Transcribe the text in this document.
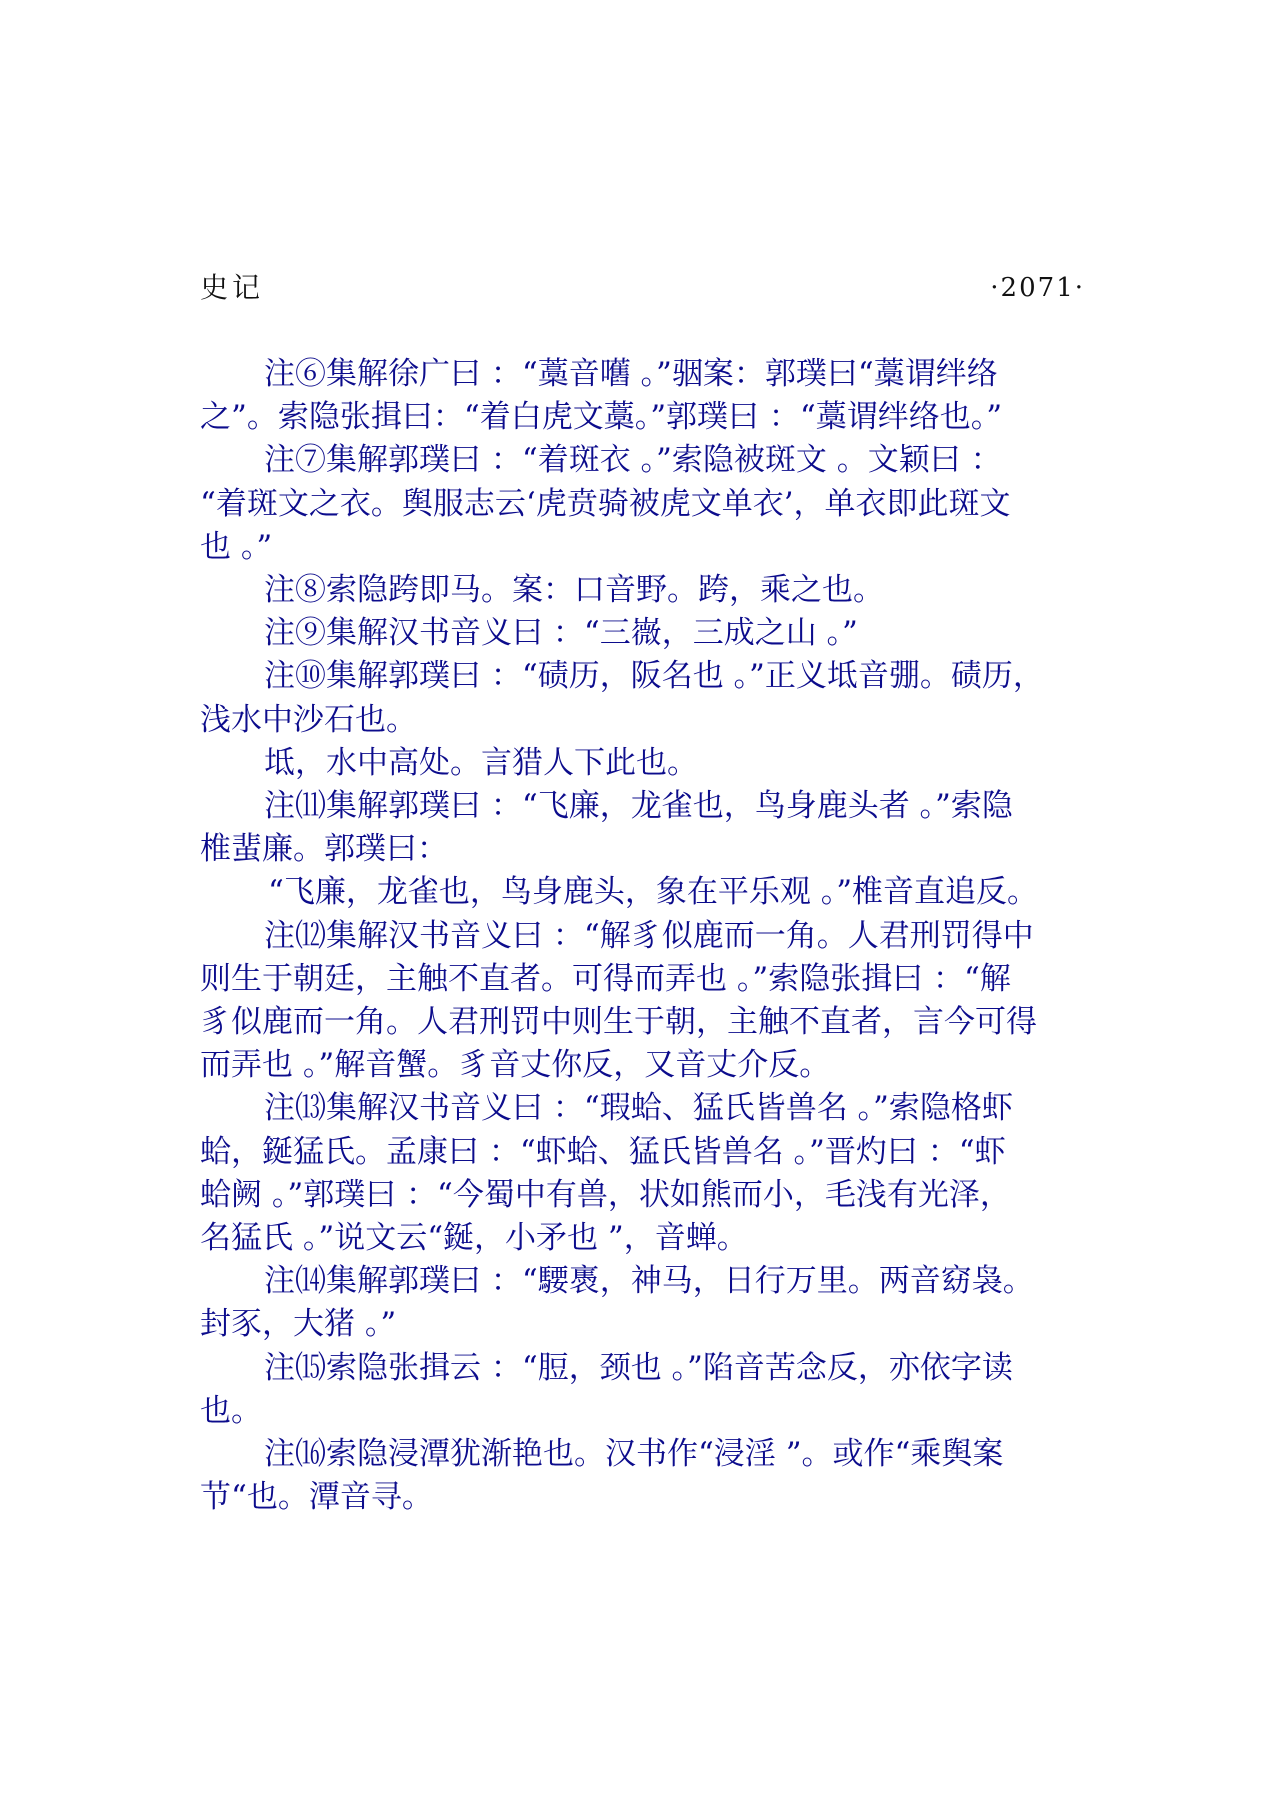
史记	·2071·
注⑥集解徐广曰 ：“藁音嚿 。”骃案：郭璞曰“藁谓绊络
之”。索隐张揖曰：“着白虎文藁。”郭璞曰 ：“藁谓绊络也。”
注⑦集解郭璞曰 ：“着斑衣 。”索隐被斑文 。文颖曰 ：
“着斑文之衣。舆服志云‘虎贲骑被虎文单衣’，单衣即此斑文
也 。”
注⑧索隐跨即马。案：口音野。跨，乘之也。
注⑨集解汉书音义曰 ：“三嶶，三成之山 。”
注⑩集解郭璞曰 ：“碛历，阪名也 。”正义坻音弸。碛历，
浅水中沙石也。
坻，水中高处。言猎人下此也。
注⑾集解郭璞曰 ：“飞廉，龙雀也，鸟身鹿头者 。”索隐
椎蜚廉。郭璞曰：
“飞廉，龙雀也，鸟身鹿头，象在平乐观 。”椎音直追反。
注⑿集解汉书音义曰 ：“解豸似鹿而一角。人君刑罚得中
则生于朝廷，主触不直者。可得而弄也 。”索隐张揖曰 ：“解
豸似鹿而一角。人君刑罚中则生于朝，主触不直者，言今可得
而弄也 。”解音蟹。豸音丈你反，又音丈介反。
注⒀集解汉书音义曰 ：“瑕蛤、猛氏皆兽名 。”索隐格虾
蛤，鋋猛氏。孟康曰 ：“虾蛤、猛氏皆兽名 。”晋灼曰 ：“虾
蛤阙 。”郭璞曰 ：“今蜀中有兽，状如熊而小，毛浅有光泽，
名猛氏 。”说文云“鋋，小矛也 ”，音蝉。
注⒁集解郭璞曰 ：“騕褭，神马，日行万里。两音窈袅。
封豕，大猪 。”
注⒂索隐张揖云 ：“脰，颈也 。”陷音苦念反，亦依字读
也。
注⒃索隐浸潭犹渐艳也。汉书作“浸淫 ”。或作“乘舆案
节“也。潭音寻。
